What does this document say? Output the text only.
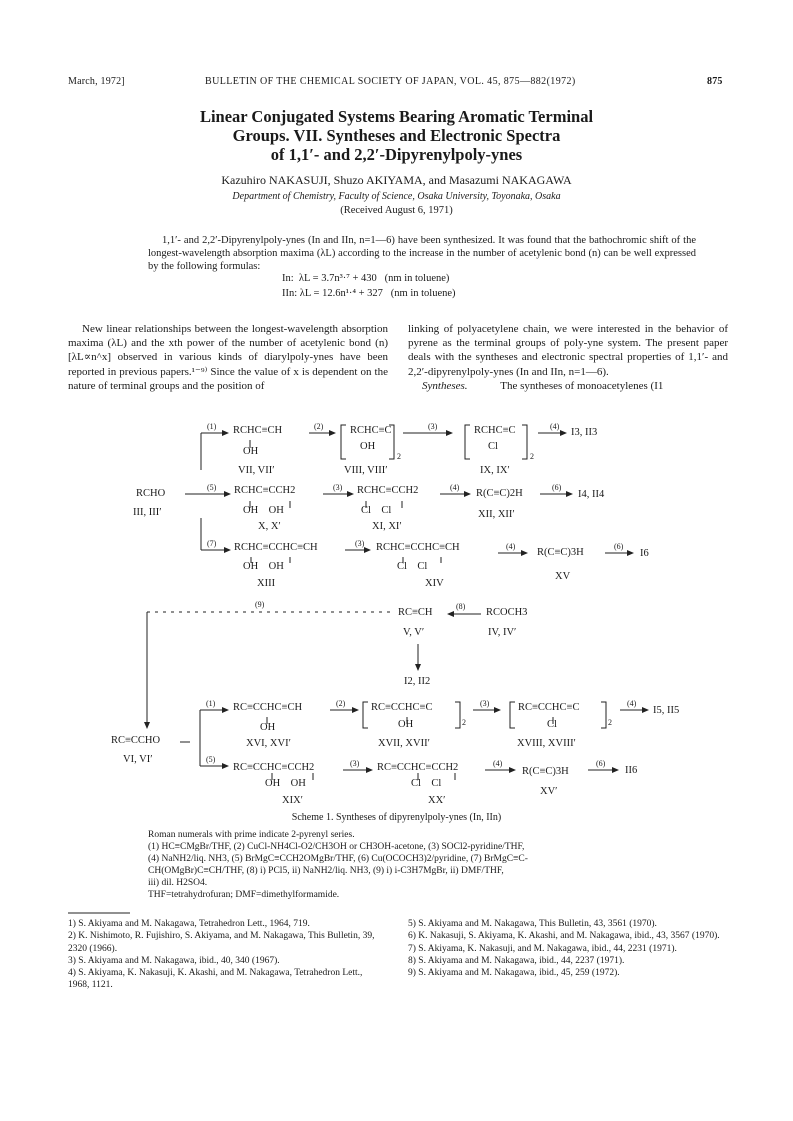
March, 1972]	BULLETIN OF THE CHEMICAL SOCIETY OF JAPAN, VOL. 45, 875—882(1972)	875
Linear Conjugated Systems Bearing Aromatic Terminal
Groups. VII. Syntheses and Electronic Spectra
of 1,1′- and 2,2′-Dipyrenylpoly-ynes
Kazuhiro NAKASUJI, Shuzo AKIYAMA, and Masazumi NAKAGAWA
Department of Chemistry, Faculty of Science, Osaka University, Toyonaka, Osaka
(Received August 6, 1971)
1,1′- and 2,2′-Dipyrenylpoly-ynes (In and IIn, n=1—6) have been synthesized. It was found that the bathochromic shift of the longest-wavelength absorption maxima (λL) according to the increase in the number of acetylenic bond (n) can be well expressed by the following formulas:
In:  λL = 3.7n³·⁷ + 430   (nm in toluene)
IIn: λL = 12.6n¹·⁴ + 327   (nm in toluene)
New linear relationships between the longest-wavelength absorption maxima (λL) and the xth power of the number of acetylenic bond (n)[λL∝n^x] observed in various kinds of diarylpoly-ynes have been reported in previous papers.¹⁻⁹⁾ Since the value of x is dependent on the nature of terminal groups and the position of
linking of polyacetylene chain, we were interested in the behavior of pyrene as the terminal groups of poly-yne system. The present paper deals with the syntheses and electronic spectral properties of 1,1′- and 2,2′-dipyrenylpoly-ynes (In and IIn, n=1—6).
Syntheses.	The syntheses of monoacetylenes (I1
(1) RCHC≡CH
OH
VII, VII′
(2)	RCHC≡C
OH
2
VIII, VIII′
(3)	RCHC≡C
Cl
2
IX, IX′
(4)
I3, II3
RCHO
III, III′
(5) RCHC≡CCH2
OH    OH
X, X′
(3) RCHC≡CCH2
Cl    Cl
XI, XI′
(4)
R(C≡C)2H
XII, XII′
(6)
I4, II4
(7) RCHC≡CCHC≡CH
OH    OH
XIII
(3) RCHC≡CCHC≡CH
Cl    Cl
XIV
(4)
R(C≡C)3H
XV
(6)
I6
(9)
RC≡CH
V, V′
(8)
RCOCH3
IV, IV′
I2, II2
RC≡CCHO
VI, VI′
(1) RC≡CCHC≡CH
OH
XVI, XVI′
(2) RC≡CCHC≡C
OH	2
XVII, XVII′
(3)	RC≡CCHC≡C
Cl	2
XVIII, XVIII′
(4)
I5, II5
(5)
RC≡CCHC≡CCH2
OH    OH
XIX′
(3) RC≡CCHC≡CCH2
Cl    Cl
XX′
(4)
R(C≡C)3H
XV′
(6)
II6
Scheme 1. Syntheses of dipyrenylpoly-ynes (In, IIn)
Roman numerals with prime indicate 2-pyrenyl series.
(1) HC≡CMgBr/THF, (2) CuCl-NH4Cl-O2/CH3OH or CH3OH-acetone, (3) SOCl2-pyridine/THF,
(4) NaNH2/liq. NH3, (5) BrMgC≡CCH2OMgBr/THF, (6) Cu(OCOCH3)2/pyridine, (7) BrMgC≡C-
CH(OMgBr)C≡CH/THF, (8) i) PCl5, ii) NaNH2/liq. NH3, (9) i) i-C3H7MgBr, ii) DMF/THF,
iii) dil. H2SO4.
THF=tetrahydrofuran; DMF=dimethylformamide.

1) S. Akiyama and M. Nakagawa, Tetrahedron Lett., 1964, 719.

2) K. Nishimoto, R. Fujishiro, S. Akiyama, and M. Nakagawa, This Bulletin, 39, 2320 (1966).

3) S. Akiyama and M. Nakagawa, ibid., 40, 340 (1967).

4) S. Akiyama, K. Nakasuji, K. Akashi, and M. Nakagawa, Tetrahedron Lett., 1968, 1121.

5) S. Akiyama and M. Nakagawa, This Bulletin, 43, 3561 (1970).

6) K. Nakasuji, S. Akiyama, K. Akashi, and M. Nakagawa, ibid., 43, 3567 (1970).

7) S. Akiyama, K. Nakasuji, and M. Nakagawa, ibid., 44, 2231 (1971).

8) S. Akiyama and M. Nakagawa, ibid., 44, 2237 (1971).

9) S. Akiyama and M. Nakagawa, ibid., 45, 259 (1972).
